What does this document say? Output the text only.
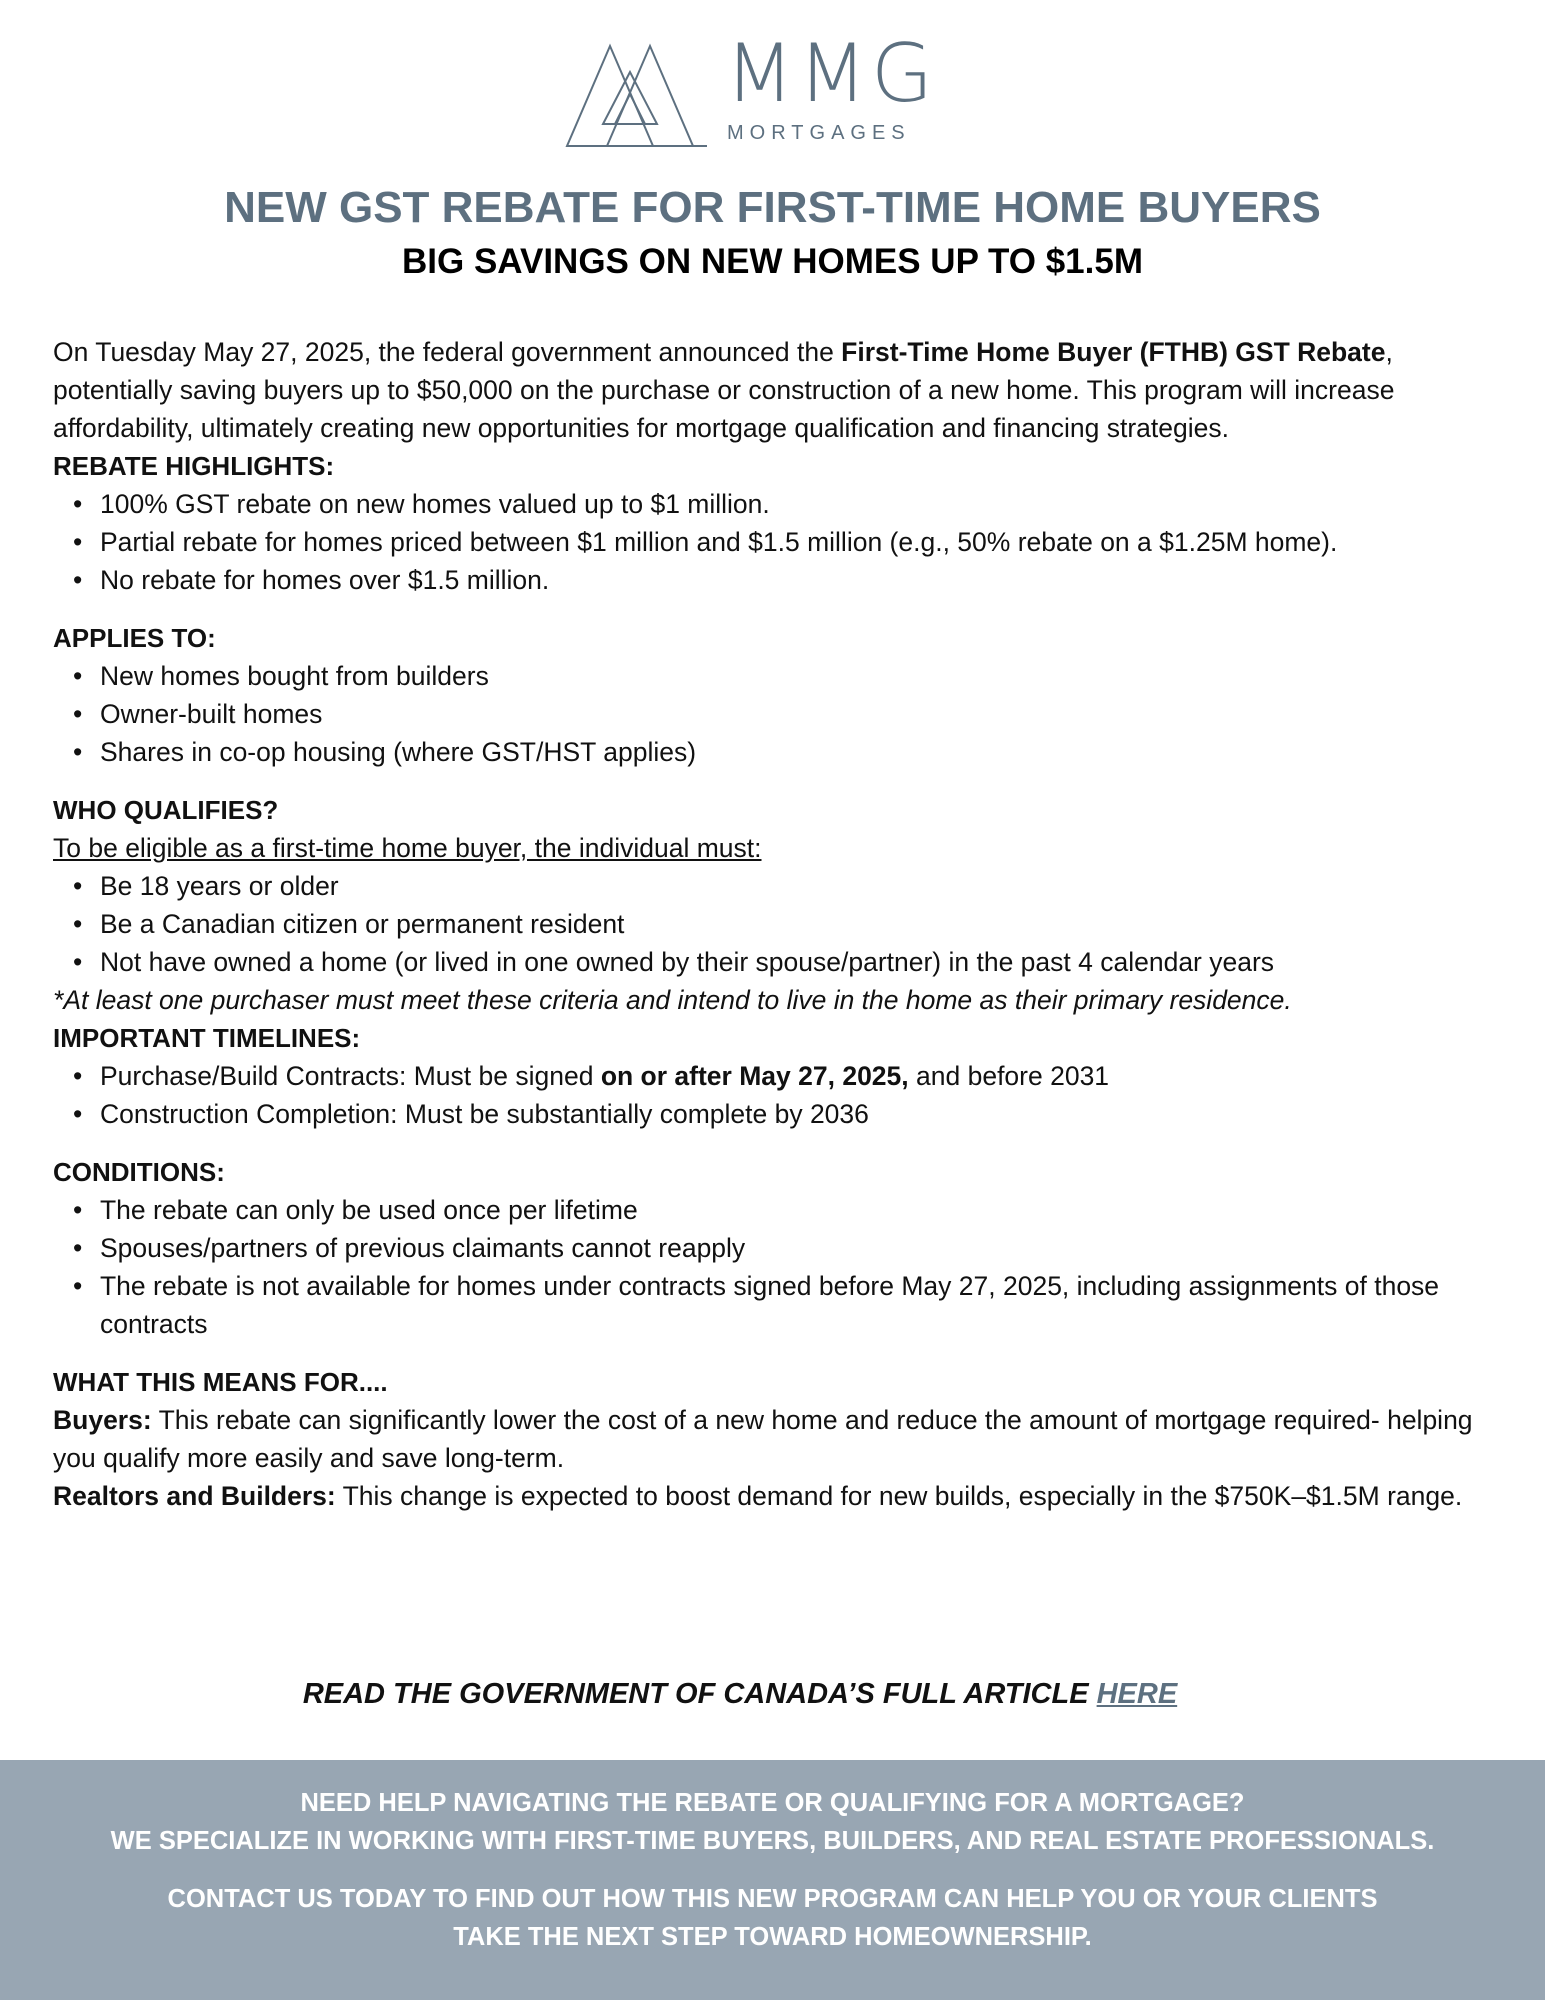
MMG
MORTGAGES
NEW GST REBATE FOR FIRST-TIME HOME BUYERS
BIG SAVINGS ON NEW HOMES UP TO $1.5M

On Tuesday May 27, 2025, the federal government announced the First-Time Home Buyer (FTHB) GST Rebate, potentially saving buyers up to $50,000 on the purchase or construction of a new home. This program will increase affordability, ultimately creating new opportunities for mortgage qualification and financing strategies.

REBATE HIGHLIGHTS:
• 100% GST rebate on new homes valued up to $1 million.
• Partial rebate for homes priced between $1 million and $1.5 million (e.g., 50% rebate on a $1.25M home).
• No rebate for homes over $1.5 million.
APPLIES TO:
• New homes bought from builders
• Owner-built homes
• Shares in co-op housing (where GST/HST applies)
WHO QUALIFIES?

To be eligible as a first-time home buyer, the individual must:

• Be 18 years or older
• Be a Canadian citizen or permanent resident
• Not have owned a home (or lived in one owned by their spouse/partner) in the past 4 calendar years

*At least one purchaser must meet these criteria and intend to live in the home as their primary residence.

IMPORTANT TIMELINES:
• Purchase/Build Contracts: Must be signed on or after May 27, 2025, and before 2031
• Construction Completion: Must be substantially complete by 2036
CONDITIONS:
• The rebate can only be used once per lifetime
• Spouses/partners of previous claimants cannot reapply
• The rebate is not available for homes under contracts signed before May 27, 2025, including assignments of those contracts
WHAT THIS MEANS FOR....

Buyers: This rebate can significantly lower the cost of a new home and reduce the amount of mortgage required- helping you qualify more easily and save long-term.

Realtors and Builders: This change is expected to boost demand for new builds, especially in the $750K–$1.5M range.

READ THE GOVERNMENT OF CANADA’S FULL ARTICLE HERE

NEED HELP NAVIGATING THE REBATE OR QUALIFYING FOR A MORTGAGE?

WE SPECIALIZE IN WORKING WITH FIRST-TIME BUYERS, BUILDERS, AND REAL ESTATE PROFESSIONALS.

CONTACT US TODAY TO FIND OUT HOW THIS NEW PROGRAM CAN HELP YOU OR YOUR CLIENTS

TAKE THE NEXT STEP TOWARD HOMEOWNERSHIP.
